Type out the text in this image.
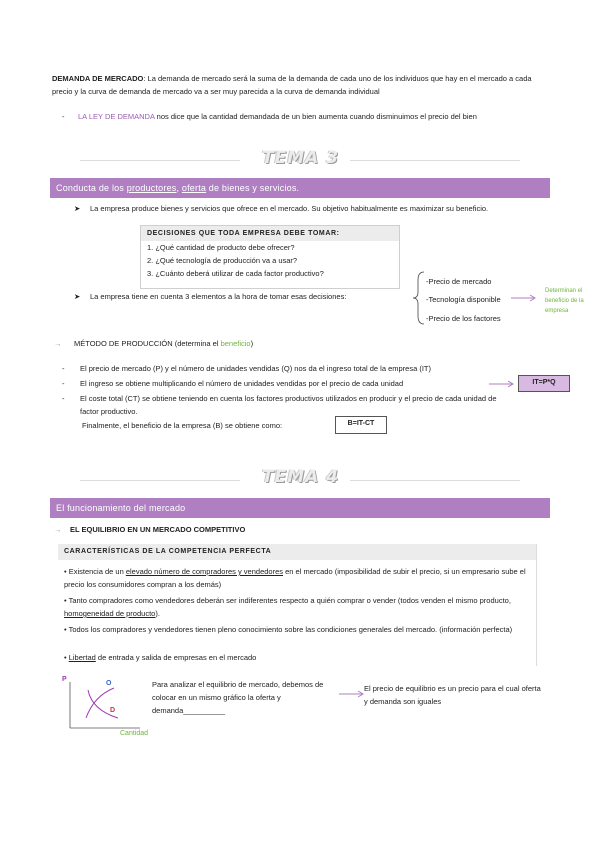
DEMANDA DE MERCADO: La demanda de mercado será la suma de la demanda de cada uno de los individuos que hay en el mercado a cada precio y la curva de demanda de mercado va a ser muy parecida a la curva de demanda individual
- LA LEY DE DEMANDA nos dice que la cantidad demandada de un bien aumenta cuando disminuimos el precio del bien
TEMA 3
Conducta de los productores, oferta de bienes y servicios.
➤ La empresa produce bienes y servicios que ofrece en el mercado. Su objetivo habitualmente es maximizar su beneficio.
DECISIONES QUE TODA EMPRESA DEBE TOMAR:
1. ¿Qué cantidad de producto debe ofrecer?
2. ¿Qué tecnología de producción va a usar?
3. ¿Cuánto deberá utilizar de cada factor productivo?
➤ La empresa tiene en cuenta 3 elementos a la hora de tomar esas decisiones:
-Precio de mercado
-Tecnología disponible
-Precio de los factores
Determinan el beneficio de la empresa
→ MÉTODO DE PRODUCCIÓN (determina el beneficio)
- El precio de mercado (P) y el número de unidades vendidas (Q) nos da el ingreso total de la empresa (IT)
- El ingreso se obtiene multiplicando el número de unidades vendidas por el precio de cada unidad	IT=P*Q
- El coste total (CT) se obtiene teniendo en cuenta los factores productivos utilizados en producir y el precio de cada unidad de factor productivo.
Finalmente, el beneficio de la empresa (B) se obtiene como:	B=IT-CT
TEMA 4
El funcionamiento del mercado
→ EL EQUILIBRIO EN UN MERCADO COMPETITIVO
CARACTERÍSTICAS DE LA COMPETENCIA PERFECTA
• Existencia de un elevado número de compradores y vendedores en el mercado (imposibilidad de subir el precio, si un empresario sube el precio los consumidores compran a los demás)
• Tanto compradores como vendedores deberán ser indiferentes respecto a quién comprar o vender (todos venden el mismo producto, homogeneidad de producto).
• Todos los compradores y vendedores tienen pleno conocimiento sobre las condiciones generales del mercado. (información perfecta)
• Libertad de entrada y salida de empresas en el mercado
P
O
D
Cantidad
Para analizar el equilibrio de mercado, debemos de colocar en un mismo gráfico la oferta y demanda__________
El precio de equilibrio es un precio para el cual oferta y demanda son iguales
